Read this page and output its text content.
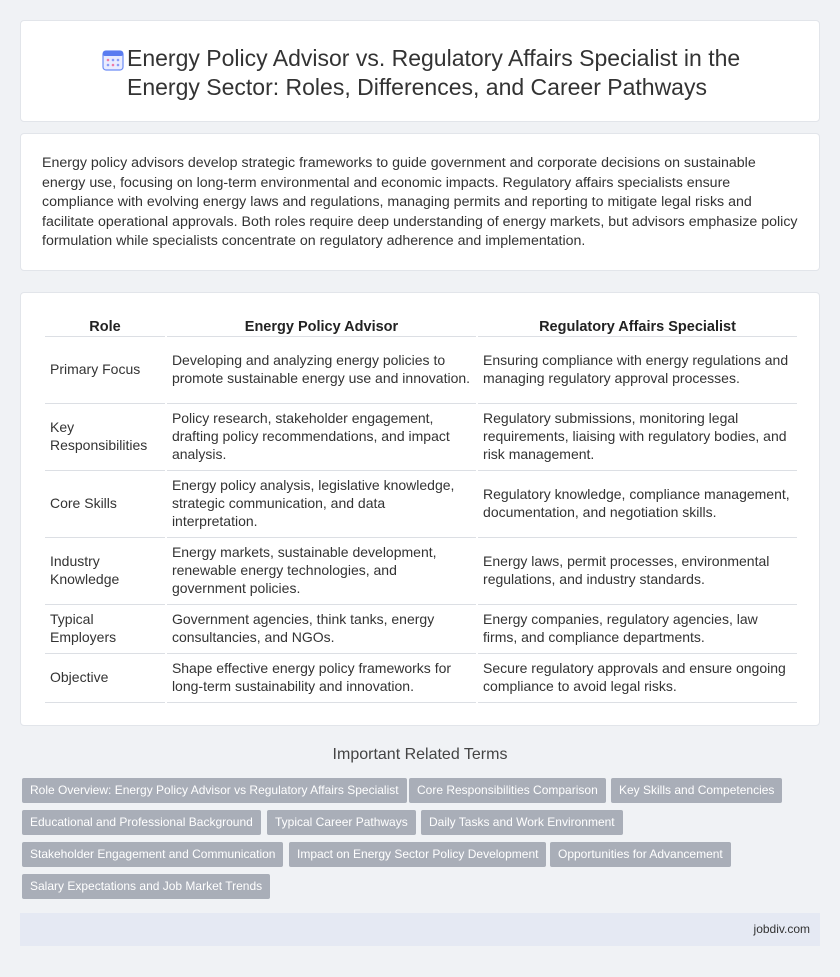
Energy Policy Advisor vs. Regulatory Affairs Specialist in the Energy Sector: Roles, Differences, and Career Pathways

Energy policy advisors develop strategic frameworks to guide government and corporate decisions on sustainable energy use, focusing on long-term environmental and economic impacts. Regulatory affairs specialists ensure compliance with evolving energy laws and regulations, managing permits and reporting to mitigate legal risks and facilitate operational approvals. Both roles require deep understanding of energy markets, but advisors emphasize policy formulation while specialists concentrate on regulatory adherence and implementation.

Role	Energy Policy Advisor	Regulatory Affairs Specialist
Primary Focus	Developing and analyzing energy policies to promote sustainable energy use and innovation.	Ensuring compliance with energy regulations and managing regulatory approval processes.
Key Responsibilities	Policy research, stakeholder engagement, drafting policy recommendations, and impact analysis.	Regulatory submissions, monitoring legal requirements, liaising with regulatory bodies, and risk management.
Core Skills	Energy policy analysis, legislative knowledge, strategic communication, and data interpretation.	Regulatory knowledge, compliance management, documentation, and negotiation skills.
Industry Knowledge	Energy markets, sustainable development, renewable energy technologies, and government policies.	Energy laws, permit processes, environmental regulations, and industry standards.
Typical Employers	Government agencies, think tanks, energy consultancies, and NGOs.	Energy companies, regulatory agencies, law firms, and compliance departments.
Objective	Shape effective energy policy frameworks for long-term sustainability and innovation.	Secure regulatory approvals and ensure ongoing compliance to avoid legal risks.
Important Related Terms
Role Overview: Energy Policy Advisor vs Regulatory Affairs Specialist	Core Responsibilities Comparison	Key Skills and Competencies
Educational and Professional Background	Typical Career Pathways	Daily Tasks and Work Environment
Stakeholder Engagement and Communication	Impact on Energy Sector Policy Development	Opportunities for Advancement
Salary Expectations and Job Market Trends
jobdiv.com
